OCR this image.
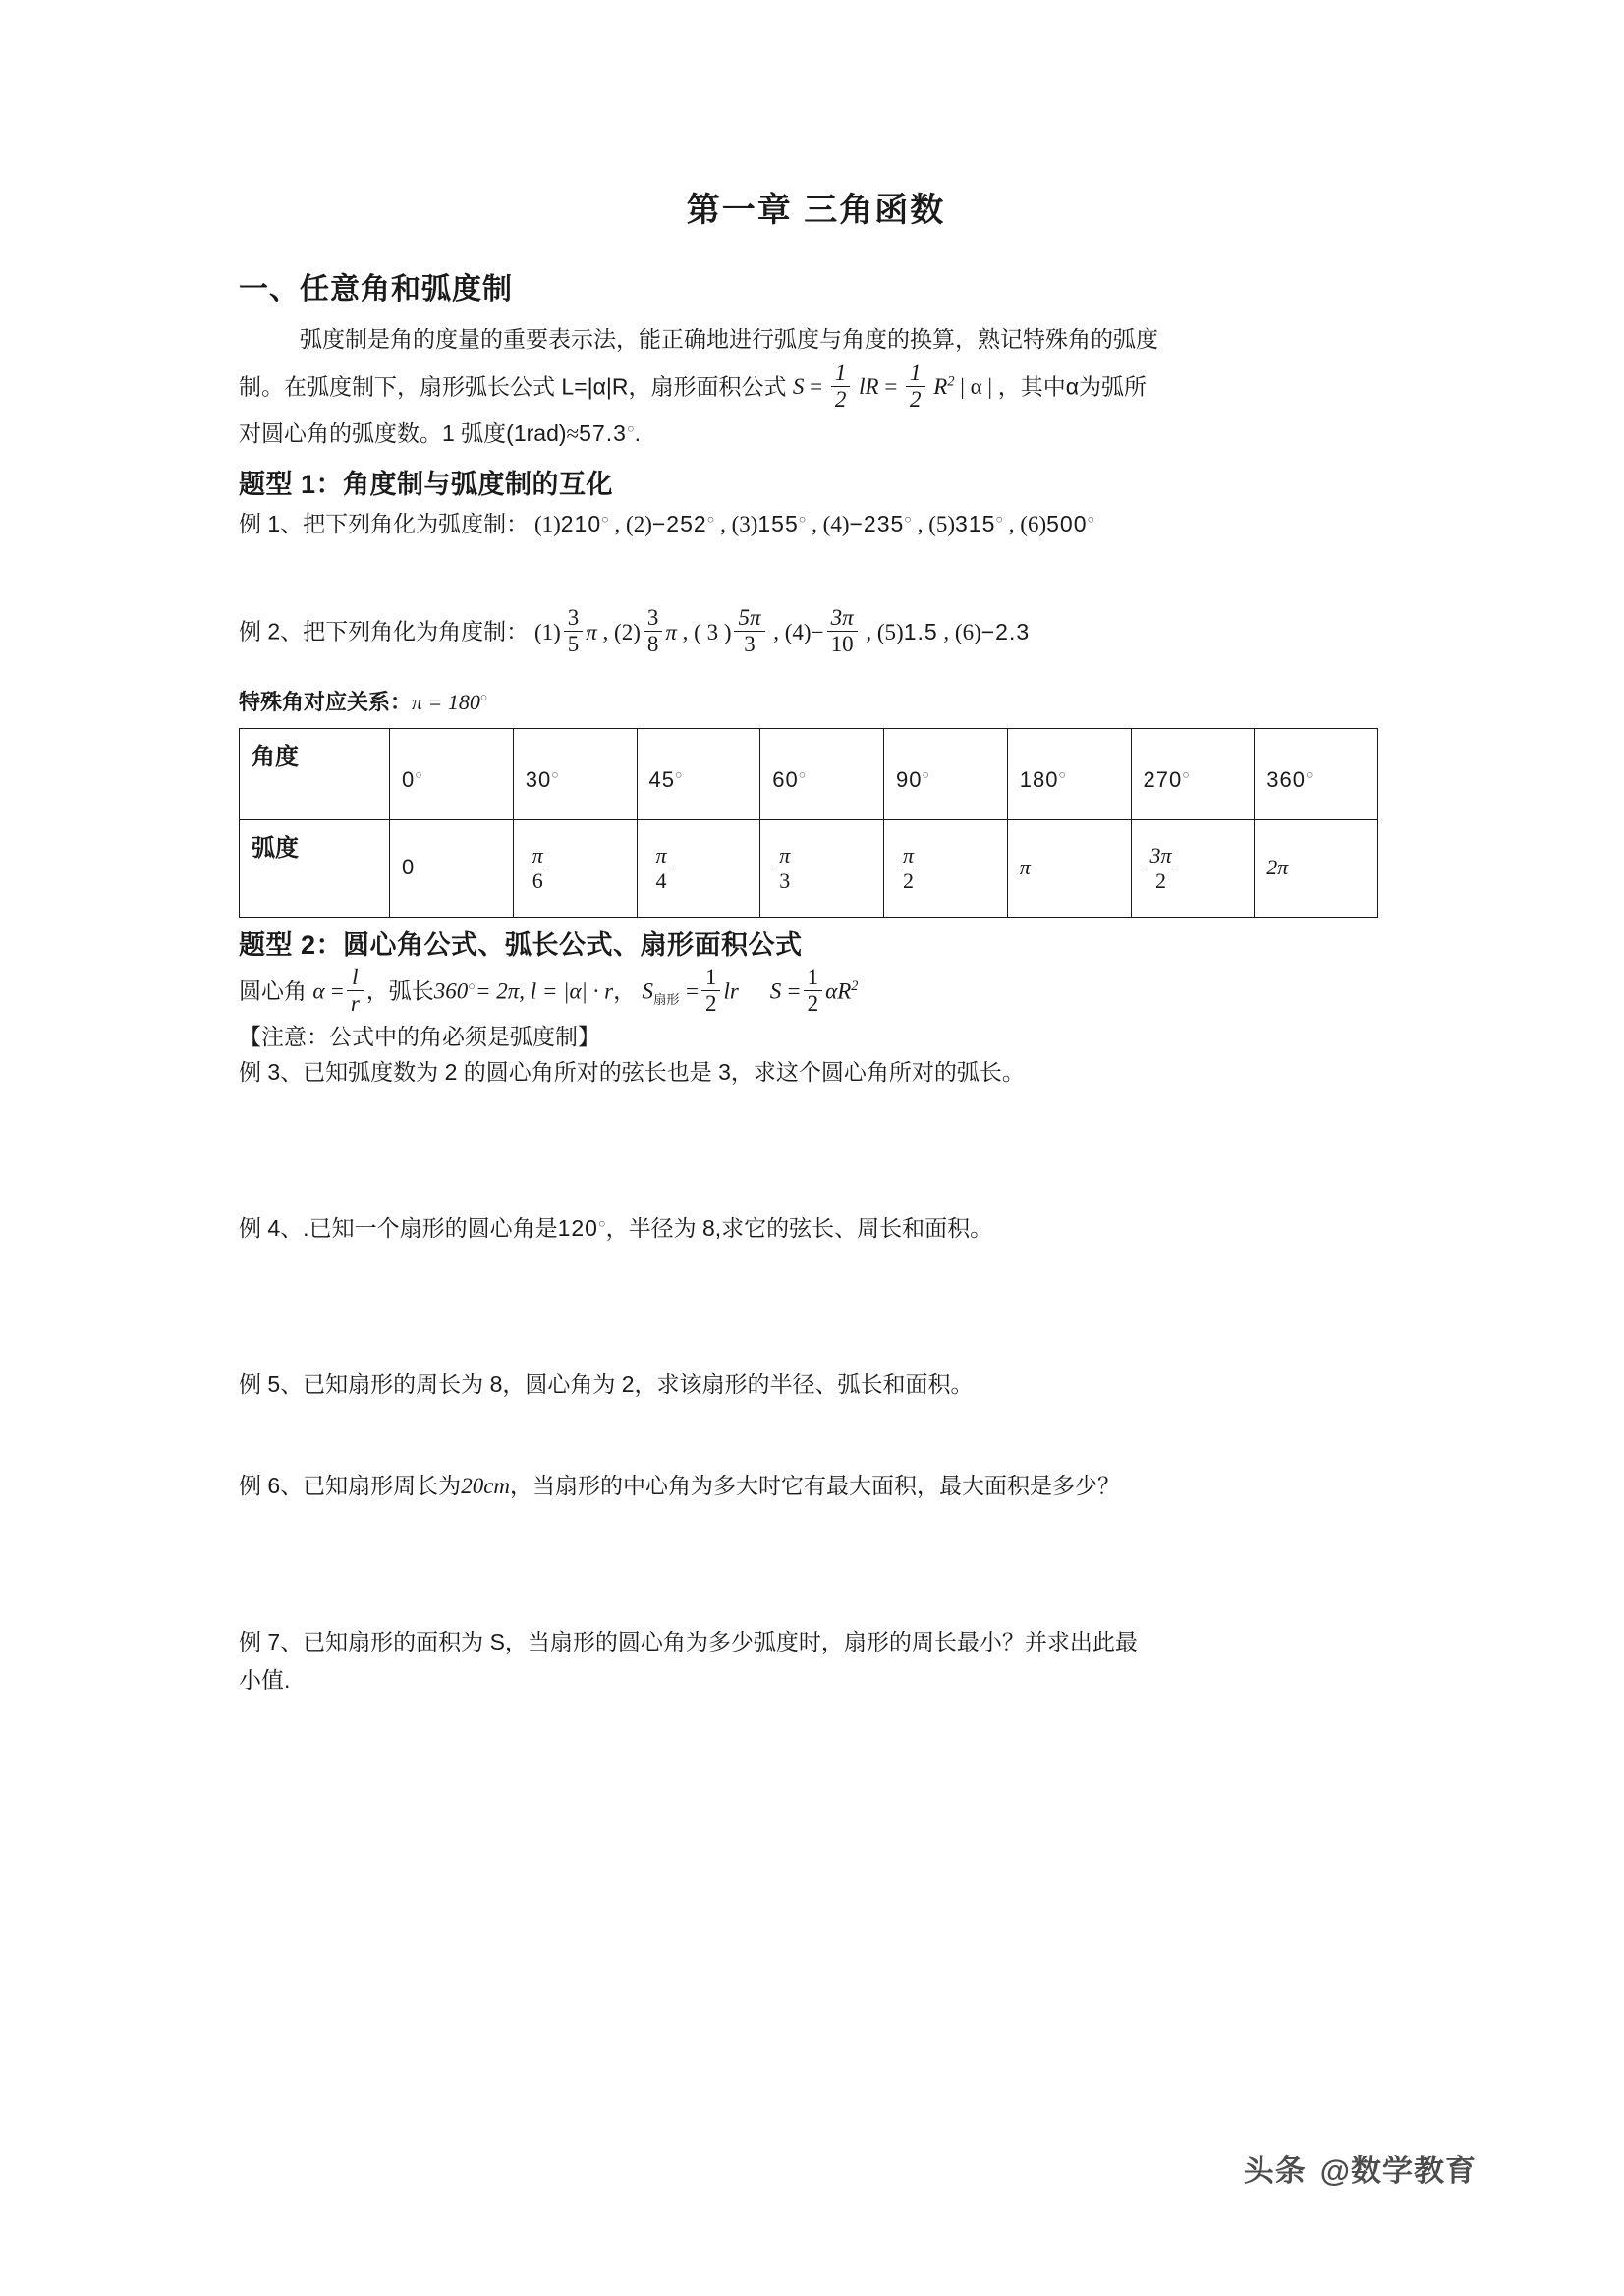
第一章 三角函数
一、任意角和弧度制

弧度制是角的度量的重要表示法，能正确地进行弧度与角度的换算，熟记特殊角的弧度
制。在弧度制下，扇形弧长公式 L=|α|R，扇形面积公式 $S = \frac{1}{2}$ lR = $\frac{1}{2} R^2$ | α | ，其中α为弧所
对圆心角的弧度数。1 弧度(1rad)≈57.3○.

题型 1：角度制与弧度制的互化

例 1、把下列角化为弧度制： (1)210○ , (2)−252○ , (3)155○ , (4)−235○ , (5)315○ , (6)500○

例 2、把下列角化为角度制： $(1) \frac{3}{5}$ π , $(2) \frac{3}{8}$ π , ( 3 ) $\frac{5\pi}{3}$ , $(4)- \frac{3\pi}{10}$ , (5)1.5 , (6)−2.3

特殊角对应关系：π = 180○
角度	0○	30○	45○	60○	90○	180○	270○	360○
弧度	0	$\frac{\pi}{6}$	$\frac{\pi}{4}$	$\frac{\pi}{3}$	$\frac{\pi}{2}$	π	$\frac{3\pi}{2}$	2π
题型 2：圆心角公式、弧长公式、扇形面积公式

圆心角 $\alpha = \frac{l}{r}$ ，弧长360○= 2π, l = |α| · r， $S_{扇形} = \frac{1}{2}$ lr $S = \frac{1}{2} \alpha R^2$

【注意：公式中的角必须是弧度制】

例 3、已知弧度数为 2 的圆心角所对的弦长也是 3，求这个圆心角所对的弧长。

例 4、.已知一个扇形的圆心角是120○，半径为 8,求它的弦长、周长和面积。

例 5、已知扇形的周长为 8，圆心角为 2，求该扇形的半径、弧长和面积。

例 6、已知扇形周长为20cm，当扇形的中心角为多大时它有最大面积，最大面积是多少？

例 7、已知扇形的面积为 S，当扇形的圆心角为多少弧度时，扇形的周长最小？并求出此最
小值.

头条 @数学教育
